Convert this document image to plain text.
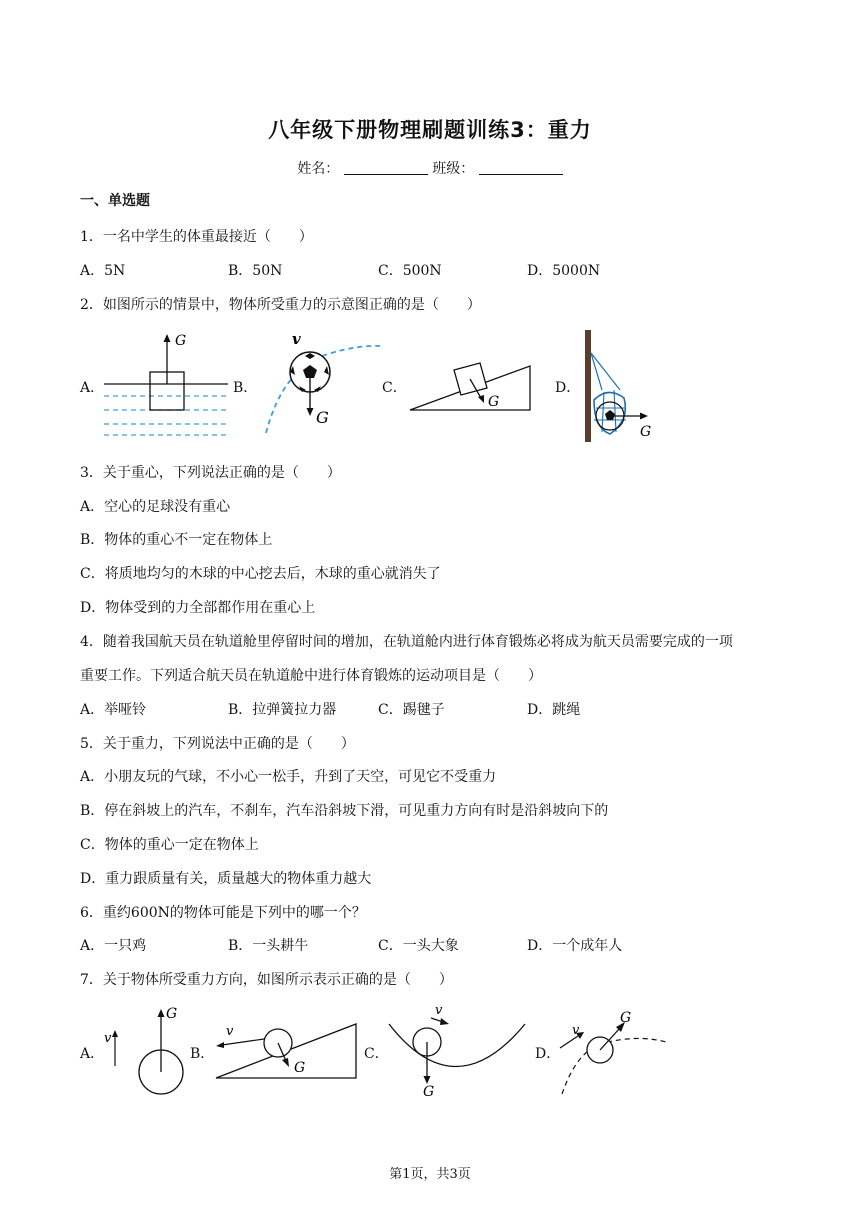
八年级下册物理刷题训练3：重力
姓名：	班级：
一、单选题
1．一名中学生的体重最接近（　　）
A．5N	B．50N	C．500N	D．5000N
2．如图所示的情景中，物体所受重力的示意图正确的是（　　）
A．
G
B．
G
v
C．
G
D．
G
3．关于重心，下列说法正确的是（　　）
A．空心的足球没有重心
B．物体的重心不一定在物体上
C．将质地均匀的木球的中心挖去后，木球的重心就消失了
D．物体受到的力全部都作用在重心上
4．随着我国航天员在轨道舱里停留时间的增加，在轨道舱内进行体育锻炼必将成为航天员需要完成的一项
重要工作。下列适合航天员在轨道舱中进行体育锻炼的运动项目是（　　）
A．举哑铃	B．拉弹簧拉力器	C．踢毽子	D．跳绳
5．关于重力，下列说法中正确的是（　　）
A．小朋友玩的气球，不小心一松手，升到了天空，可见它不受重力
B．停在斜坡上的汽车，不刹车，汽车沿斜坡下滑，可见重力方向有时是沿斜坡向下的
C．物体的重心一定在物体上
D．重力跟质量有关，质量越大的物体重力越大
6．重约600N的物体可能是下列中的哪一个？
A．一只鸡	B．一头耕牛	C．一头大象	D．一个成年人
7．关于物体所受重力方向，如图所示表示正确的是（　　）
A．
G
v
B．
v
G
C．
v
G
D．
v
G
第1页，共3页
